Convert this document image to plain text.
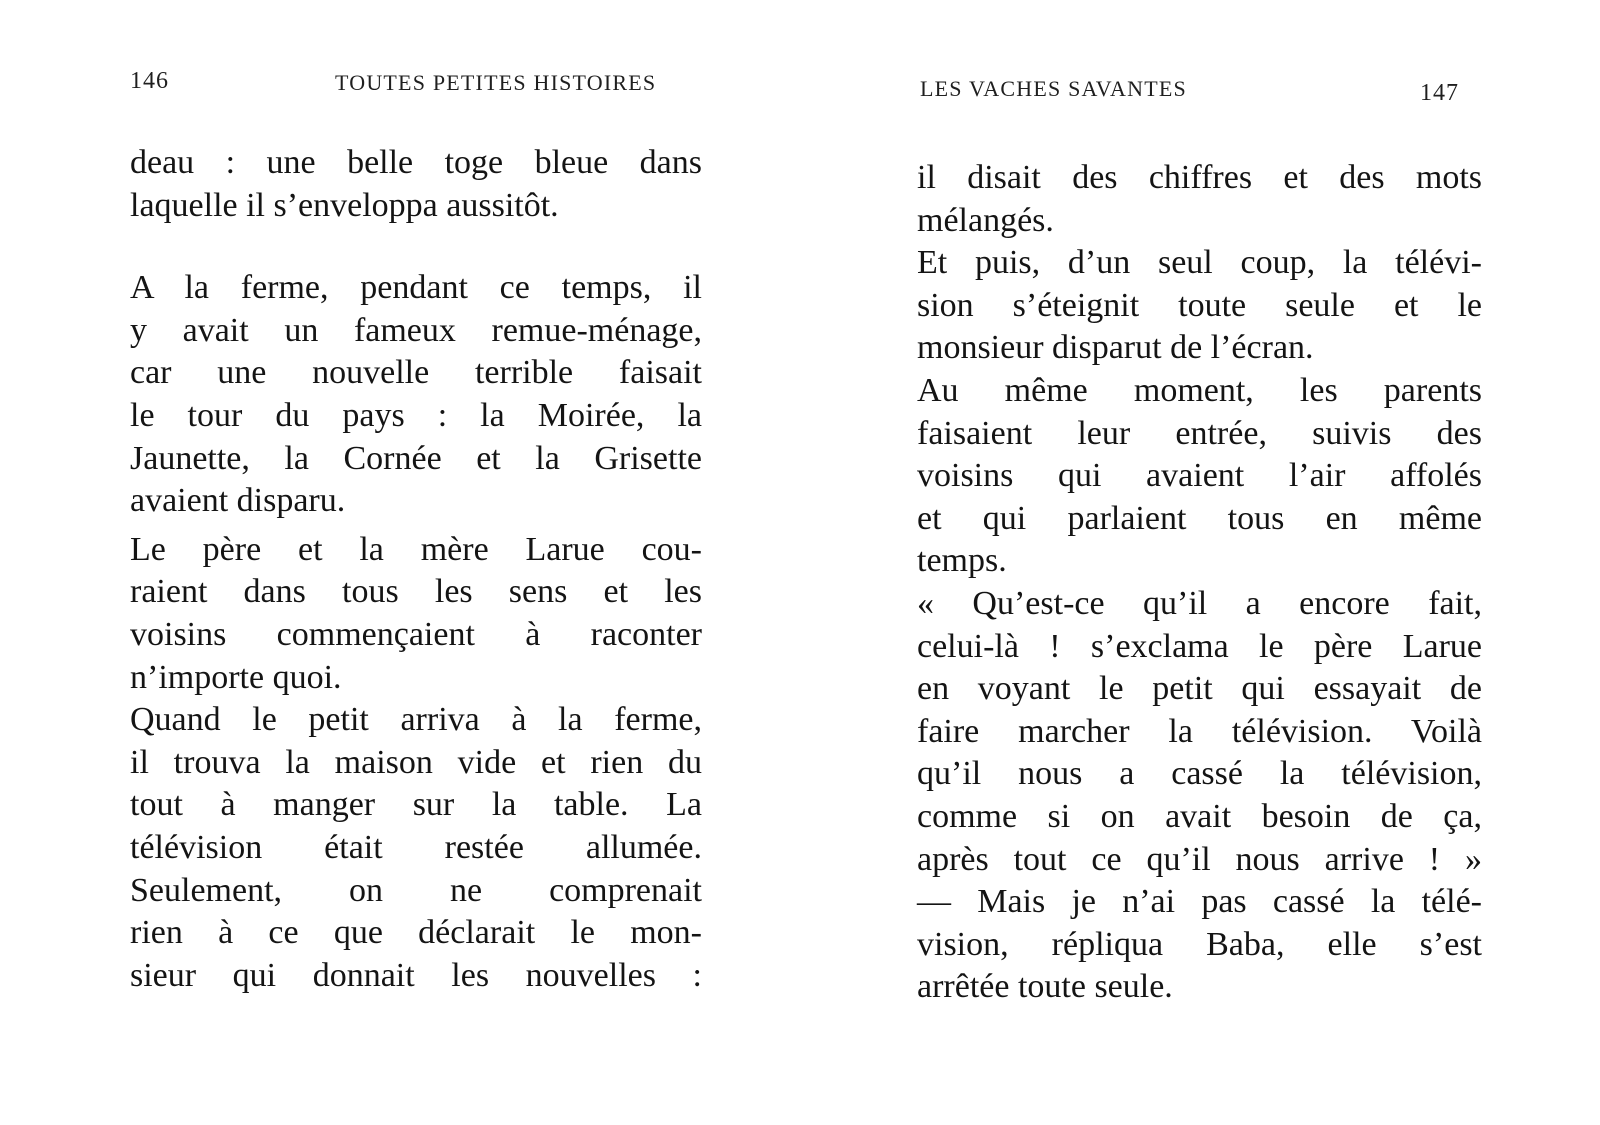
146	TOUTES PETITES HISTOIRES
deau : une belle toge bleue dans
laquelle il s’enveloppa aussitôt.
A la ferme, pendant ce temps, il
y avait un fameux remue-ménage,
car une nouvelle terrible faisait
le tour du pays : la Moirée, la
Jaunette, la Cornée et la Grisette
avaient disparu.
Le père et la mère Larue cou-
raient dans tous les sens et les
voisins commençaient à raconter
n’importe quoi.
Quand le petit arriva à la ferme,
il trouva la maison vide et rien du
tout à manger sur la table. La
télévision était restée allumée.
Seulement, on ne comprenait
rien à ce que déclarait le mon-
sieur qui donnait les nouvelles :
LES VACHES SAVANTES	147
il disait des chiffres et des mots
mélangés.
Et puis, d’un seul coup, la télévi-
sion s’éteignit toute seule et le
monsieur disparut de l’écran.
Au même moment, les parents
faisaient leur entrée, suivis des
voisins qui avaient l’air affolés
et qui parlaient tous en même
temps.
« Qu’est-ce qu’il a encore fait,
celui-là ! s’exclama le père Larue
en voyant le petit qui essayait de
faire marcher la télévision. Voilà
qu’il nous a cassé la télévision,
comme si on avait besoin de ça,
après tout ce qu’il nous arrive ! »
— Mais je n’ai pas cassé la télé-
vision, répliqua Baba, elle s’est
arrêtée toute seule.
